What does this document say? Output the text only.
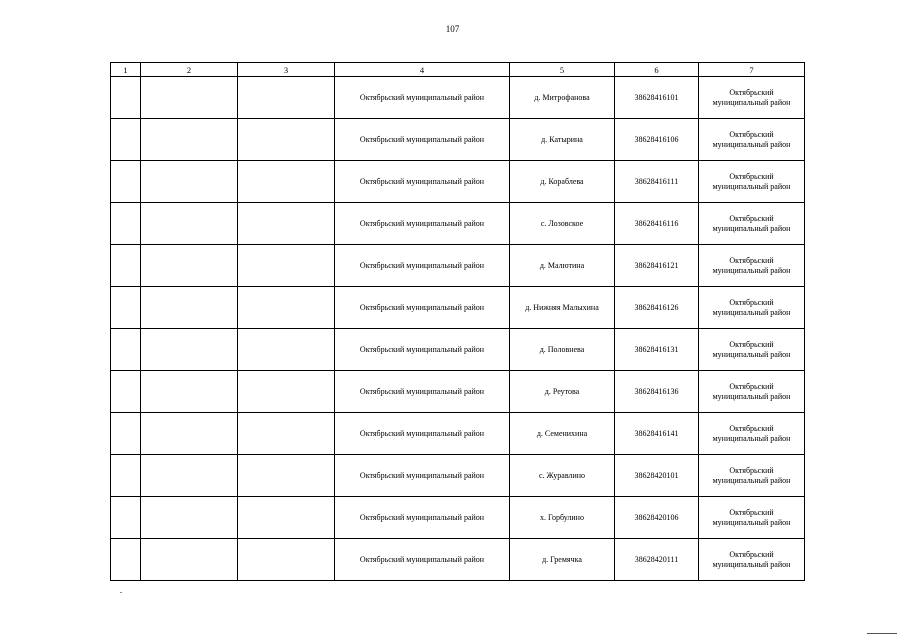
107
1	2	3	4	5	6	7
			Октябрьский муниципальный район	д. Митрофанова	38628416101	Октябрьский муниципальный район
			Октябрьский муниципальный район	д. Катырина	38628416106	Октябрьский муниципальный район
			Октябрьский муниципальный район	д. Кораблева	38628416111	Октябрьский муниципальный район
			Октябрьский муниципальный район	с. Лозовское	38628416116	Октябрьский муниципальный район
			Октябрьский муниципальный район	д. Малютина	38628416121	Октябрьский муниципальный район
			Октябрьский муниципальный район	д. Нижняя Малыхина	38628416126	Октябрьский муниципальный район
			Октябрьский муниципальный район	д. Половнева	38628416131	Октябрьский муниципальный район
			Октябрьский муниципальный район	д. Реутова	38628416136	Октябрьский муниципальный район
			Октябрьский муниципальный район	д. Семенихина	38628416141	Октябрьский муниципальный район
			Октябрьский муниципальный район	с. Журавлино	38628420101	Октябрьский муниципальный район
			Октябрьский муниципальный район	х. Горбулино	38628420106	Октябрьский муниципальный район
			Октябрьский муниципальный район	д. Гремячка	38628420111	Октябрьский муниципальный район
